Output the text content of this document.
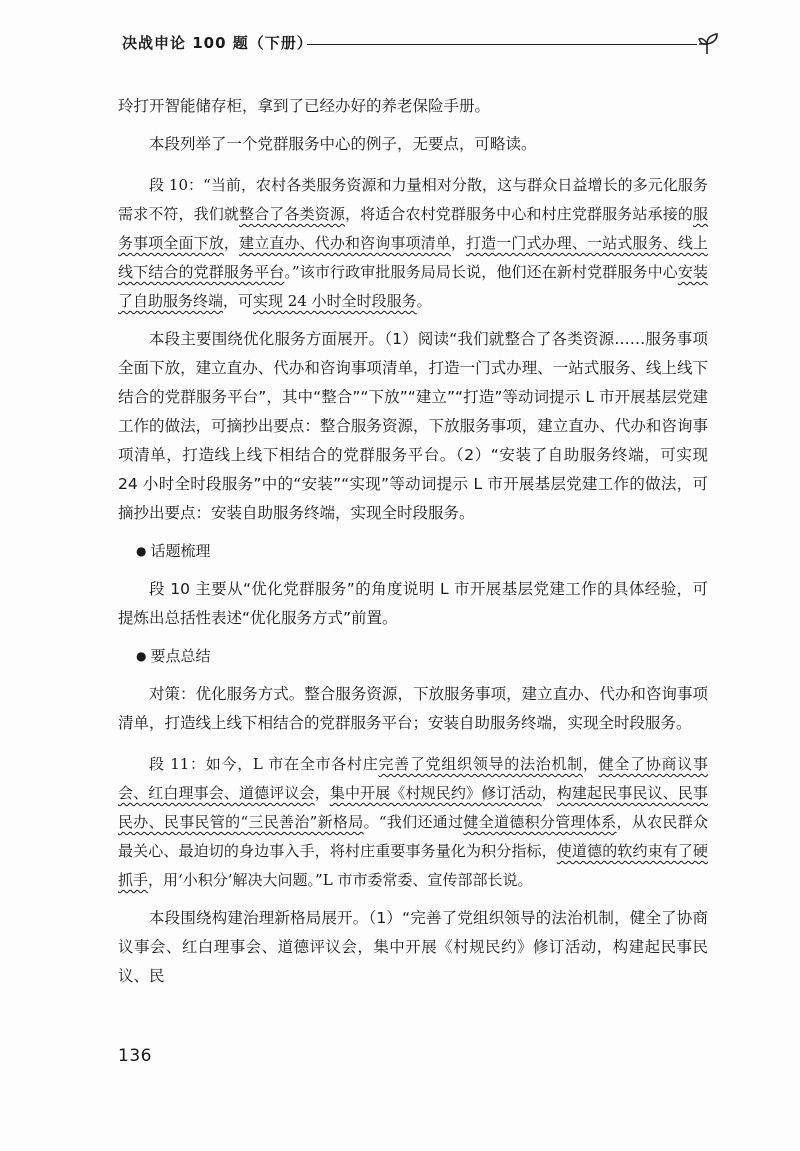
决战申论 100 题（下册）

玲打开智能储存柜，拿到了已经办好的养老保险手册。

本段列举了一个党群服务中心的例子，无要点，可略读。

段 10：“当前，农村各类服务资源和力量相对分散，这与群众日益增长的多元化服务需求不符，我们就整合了各类资源，将适合农村党群服务中心和村庄党群服务站承接的服务事项全面下放，建立直办、代办和咨询事项清单，打造一门式办理、一站式服务、线上线下结合的党群服务平台。”该市行政审批服务局局长说，他们还在新村党群服务中心安装了自助服务终端，可实现 24 小时全时段服务。

本段主要围绕优化服务方面展开。（1）阅读“我们就整合了各类资源……服务事项全面下放，建立直办、代办和咨询事项清单，打造一门式办理、一站式服务、线上线下结合的党群服务平台”，其中“整合”“下放”“建立”“打造”等动词提示 L 市开展基层党建工作的做法，可摘抄出要点：整合服务资源，下放服务事项，建立直办、代办和咨询事项清单，打造线上线下相结合的党群服务平台。（2）“安装了自助服务终端，可实现 24 小时全时段服务”中的“安装”“实现”等动词提示 L 市开展基层党建工作的做法，可摘抄出要点：安装自助服务终端，实现全时段服务。

● 话题梳理

段 10 主要从“优化党群服务”的角度说明 L 市开展基层党建工作的具体经验，可提炼出总括性表述“优化服务方式”前置。

● 要点总结

对策：优化服务方式。整合服务资源，下放服务事项，建立直办、代办和咨询事项清单，打造线上线下相结合的党群服务平台；安装自助服务终端，实现全时段服务。

段 11：如今，L 市在全市各村庄完善了党组织领导的法治机制，健全了协商议事会、红白理事会、道德评议会，集中开展《村规民约》修订活动，构建起民事民议、民事民办、民事民管的“三民善治”新格局。“我们还通过健全道德积分管理体系，从农民群众最关心、最迫切的身边事入手，将村庄重要事务量化为积分指标，使道德的软约束有了硬抓手，用‘小积分’解决大问题。”L 市市委常委、宣传部部长说。

本段围绕构建治理新格局展开。（1）“完善了党组织领导的法治机制，健全了协商议事会、红白理事会、道德评议会，集中开展《村规民约》修订活动，构建起民事民议、民

136
